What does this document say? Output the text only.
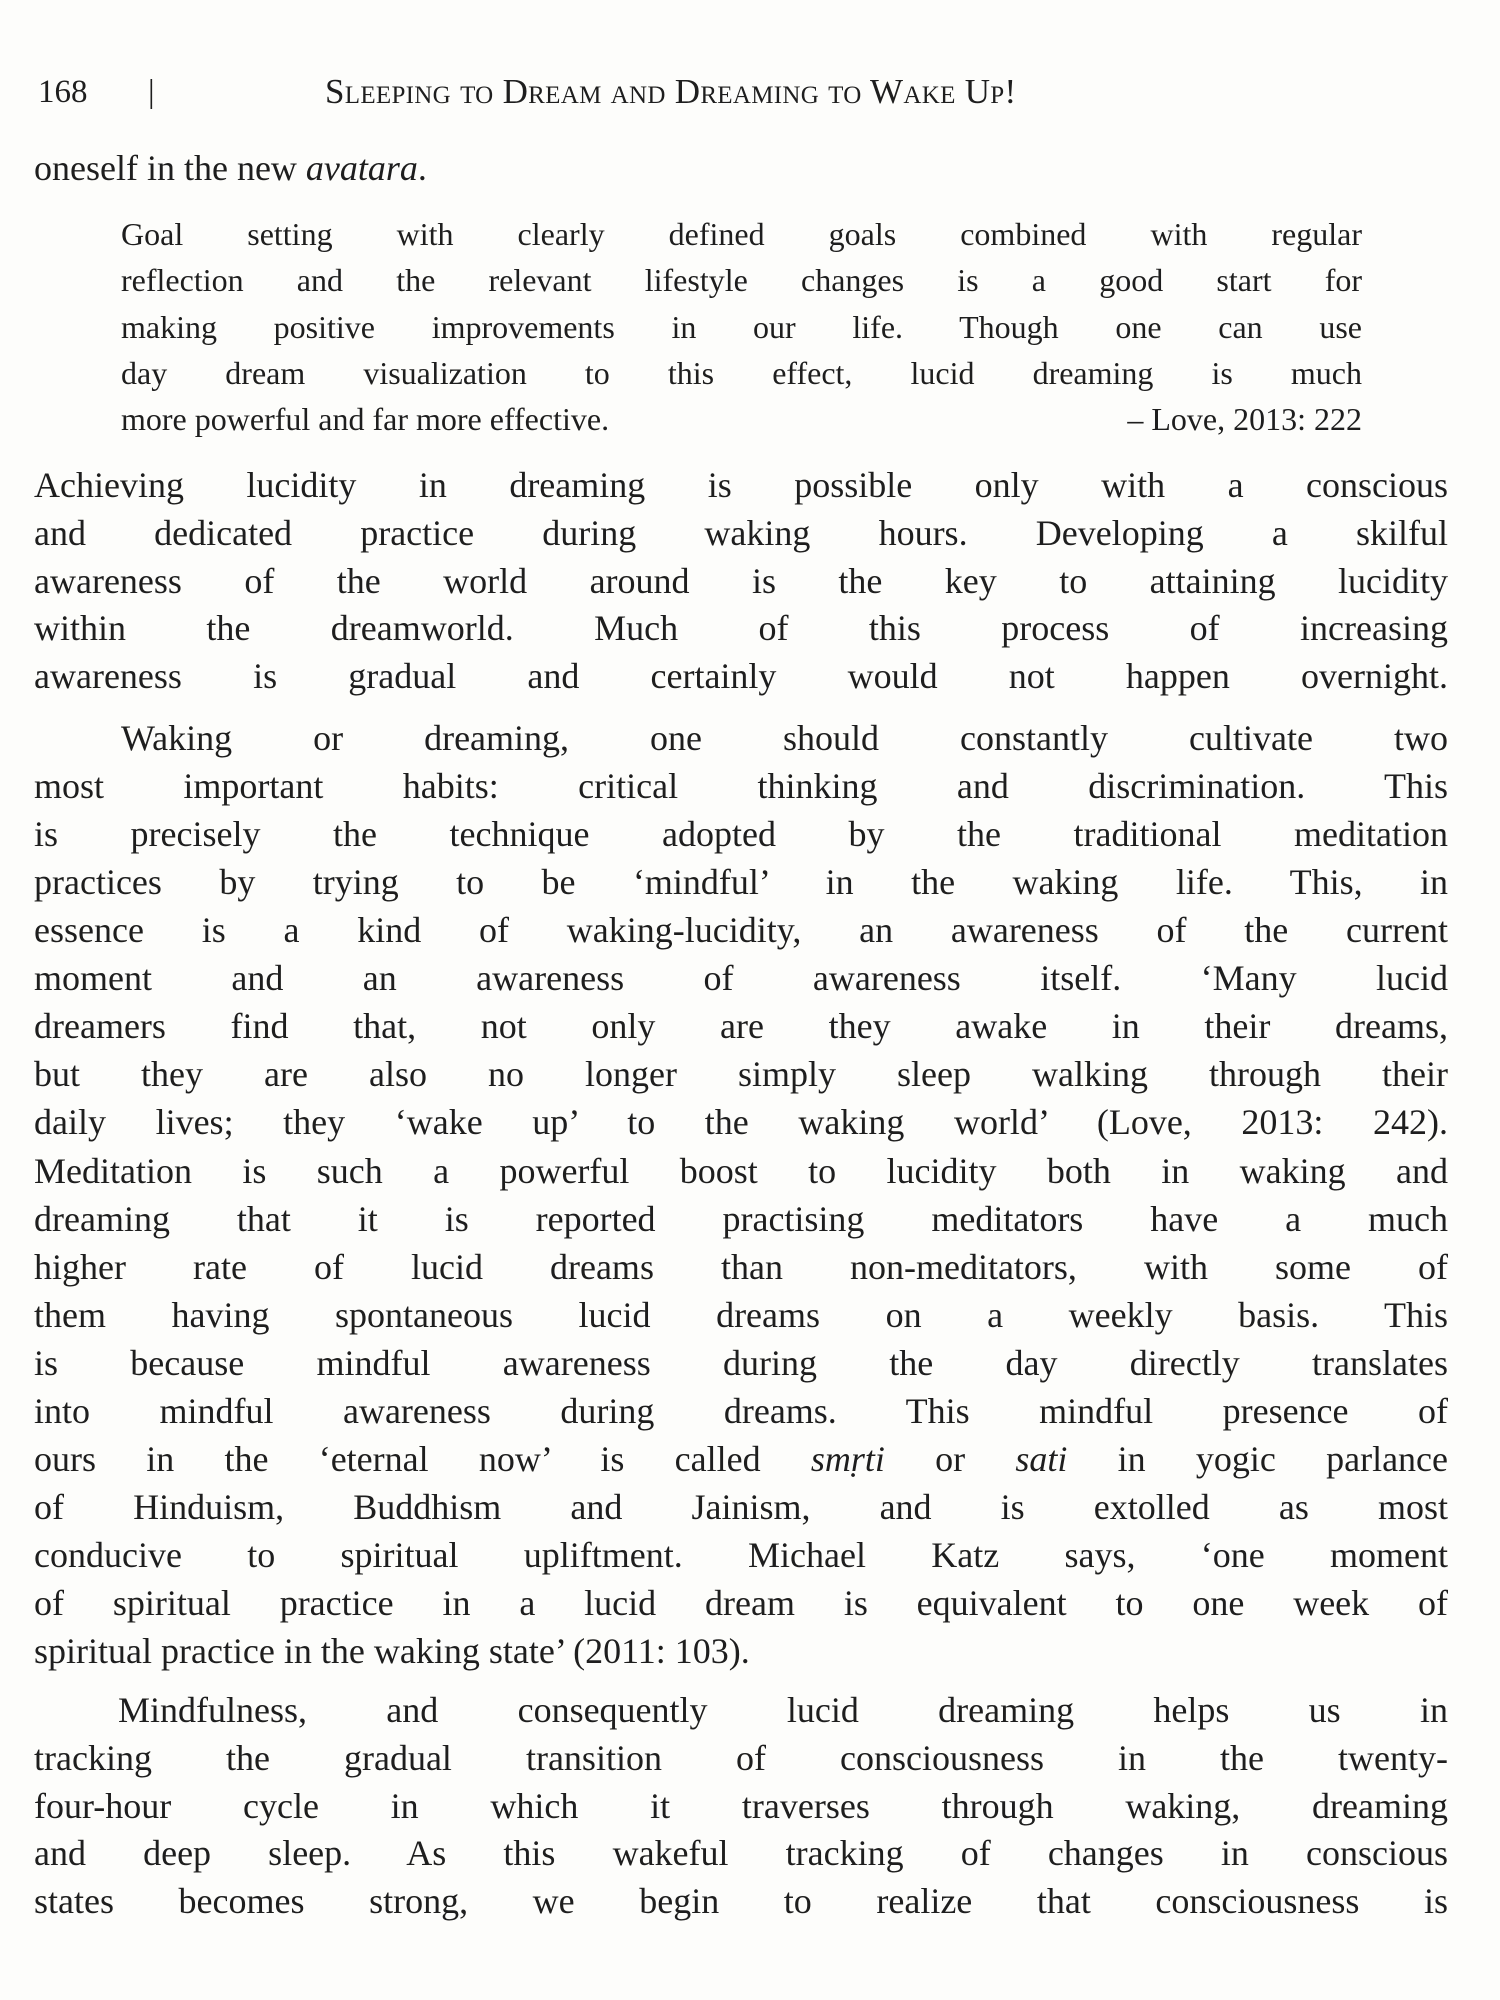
168 |	Sleeping to Dream and Dreaming to Wake Up!
oneself in the new avatara.
Goal setting with clearly defined goals combined with regular
reflection and the relevant lifestyle changes is a good start for
making positive improvements in our life. Though one can use
day dream visualization to this effect, lucid dreaming is much
more powerful and far more effective.	– Love, 2013: 222
Achieving lucidity in dreaming is possible only with a conscious
and dedicated practice during waking hours. Developing a skilful
awareness of the world around is the key to attaining lucidity
within the dreamworld. Much of this process of increasing
awareness is gradual and certainly would not happen overnight.
Waking or dreaming, one should constantly cultivate two
most important habits: critical thinking and discrimination. This
is precisely the technique adopted by the traditional meditation
practices by trying to be ‘mindful’ in the waking life. This, in
essence is a kind of waking-lucidity, an awareness of the current
moment and an awareness of awareness itself. ‘Many lucid
dreamers find that, not only are they awake in their dreams,
but they are also no longer simply sleep walking through their
daily lives; they ‘wake up’ to the waking world’ (Love, 2013: 242).
Meditation is such a powerful boost to lucidity both in waking and
dreaming that it is reported practising meditators have a much
higher rate of lucid dreams than non-meditators, with some of
them having spontaneous lucid dreams on a weekly basis. This
is because mindful awareness during the day directly translates
into mindful awareness during dreams. This mindful presence of
ours in the ‘eternal now’ is called smṛti or sati in yogic parlance
of Hinduism, Buddhism and Jainism, and is extolled as most
conducive to spiritual upliftment. Michael Katz says, ‘one moment
of spiritual practice in a lucid dream is equivalent to one week of
spiritual practice in the waking state’ (2011: 103).
Mindfulness, and consequently lucid dreaming helps us in
tracking the gradual transition of consciousness in the twenty-
four-hour cycle in which it traverses through waking, dreaming
and deep sleep. As this wakeful tracking of changes in conscious
states becomes strong, we begin to realize that consciousness is
